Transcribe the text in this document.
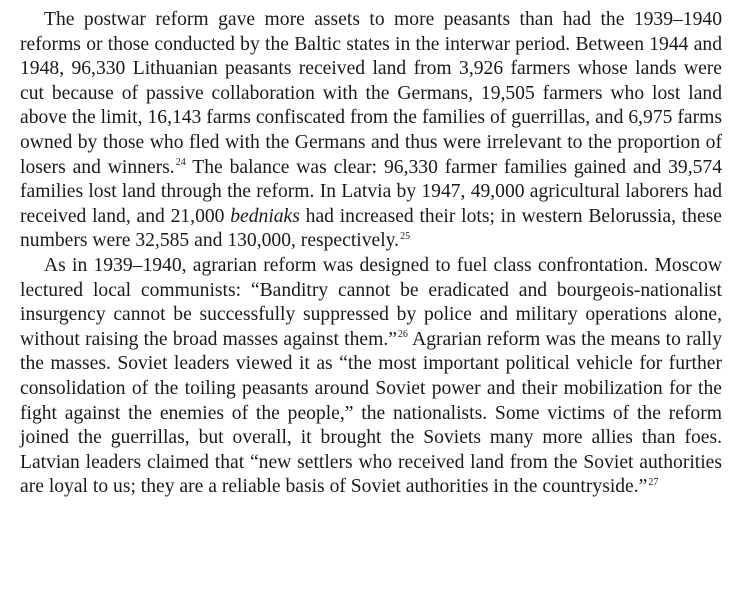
The postwar reform gave more assets to more peasants than had the 1939–1940 reforms or those conducted by the Baltic states in the interwar period. Between 1944 and 1948, 96,330 Lithuanian peasants received land from 3,926 farmers whose lands were cut because of passive collaboration with the Germans, 19,505 farmers who lost land above the limit, 16,143 farms confiscated from the families of guerrillas, and 6,975 farms owned by those who fled with the Germans and thus were irrelevant to the proportion of losers and winners.$^{24}$ The balance was clear: 96,330 farmer families gained and 39,574 families lost land through the reform. In Latvia by 1947, 49,000 agricultural laborers had received land, and 21,000 bedniaks had increased their lots; in western Belorussia, these numbers were 32,585 and 130,000, respectively.$^{25}$

As in 1939–1940, agrarian reform was designed to fuel class confrontation. Moscow lectured local communists: “Banditry cannot be eradicated and bourgeois-nationalist insurgency cannot be successfully suppressed by police and military operations alone, without raising the broad masses against them.”$^{26}$ Agrarian reform was the means to rally the masses. Soviet leaders viewed it as “the most important political vehicle for further consolidation of the toiling peasants around Soviet power and their mobilization for the fight against the enemies of the people,” the nationalists. Some victims of the reform joined the guerrillas, but overall, it brought the Soviets many more allies than foes. Latvian leaders claimed that “new settlers who received land from the Soviet authorities are loyal to us; they are a reliable basis of Soviet authorities in the countryside.”$^{27}$
